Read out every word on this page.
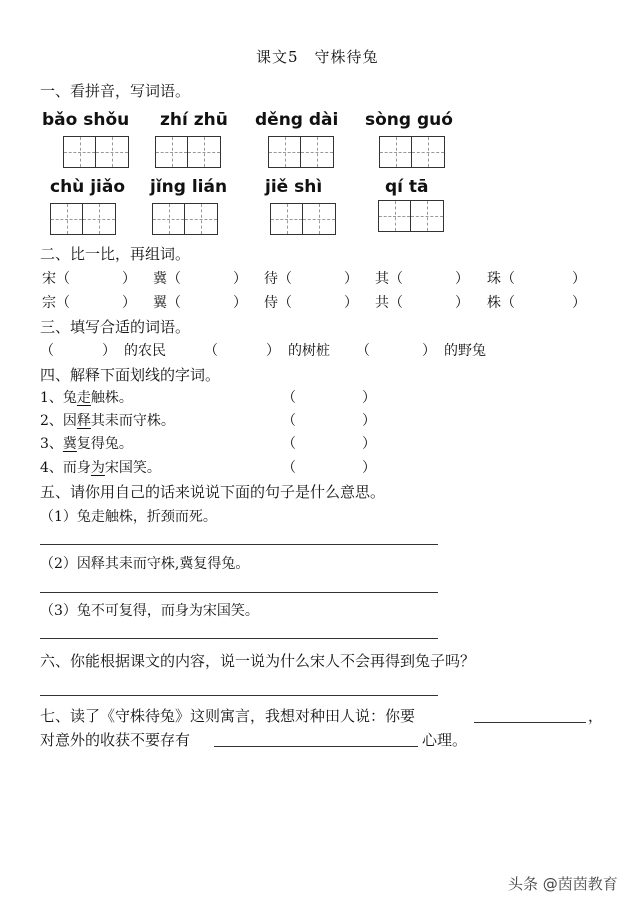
课文5　守株待兔
一、看拼音，写词语。
bǎo shǒu zhí zhū děng dài sòng guó
chù jiǎo jǐng lián jiě shì	qí tā
二、比一比，再组词。
宋	冀	待	其	珠
（	） （	） （	） （	） （	）
宗	翼	侍	共	株
（	） （	） （	） （	） （	）
三、填写合适的词语。
（	） 的农民	（	） 的树桩 （	） 的野兔
四、解释下面划线的字词。
1、兔走触株。	（	）
2、因释其耒而守株。	（	）
3、冀复得兔。	（	）
4、而身为宋国笑。	（	）
五、请你用自己的话来说说下面的句子是什么意思。
（1）兔走触株，折颈而死。
（2）因释其耒而守株,冀复得兔。
（3）兔不可复得，而身为宋国笑。
六、你能根据课文的内容，说一说为什么宋人不会再得到兔子吗？
七、读了《守株待兔》这则寓言，我想对种田人说：你要	，
对意外的收获不要存有	心理。
头条 @茵茵教育
